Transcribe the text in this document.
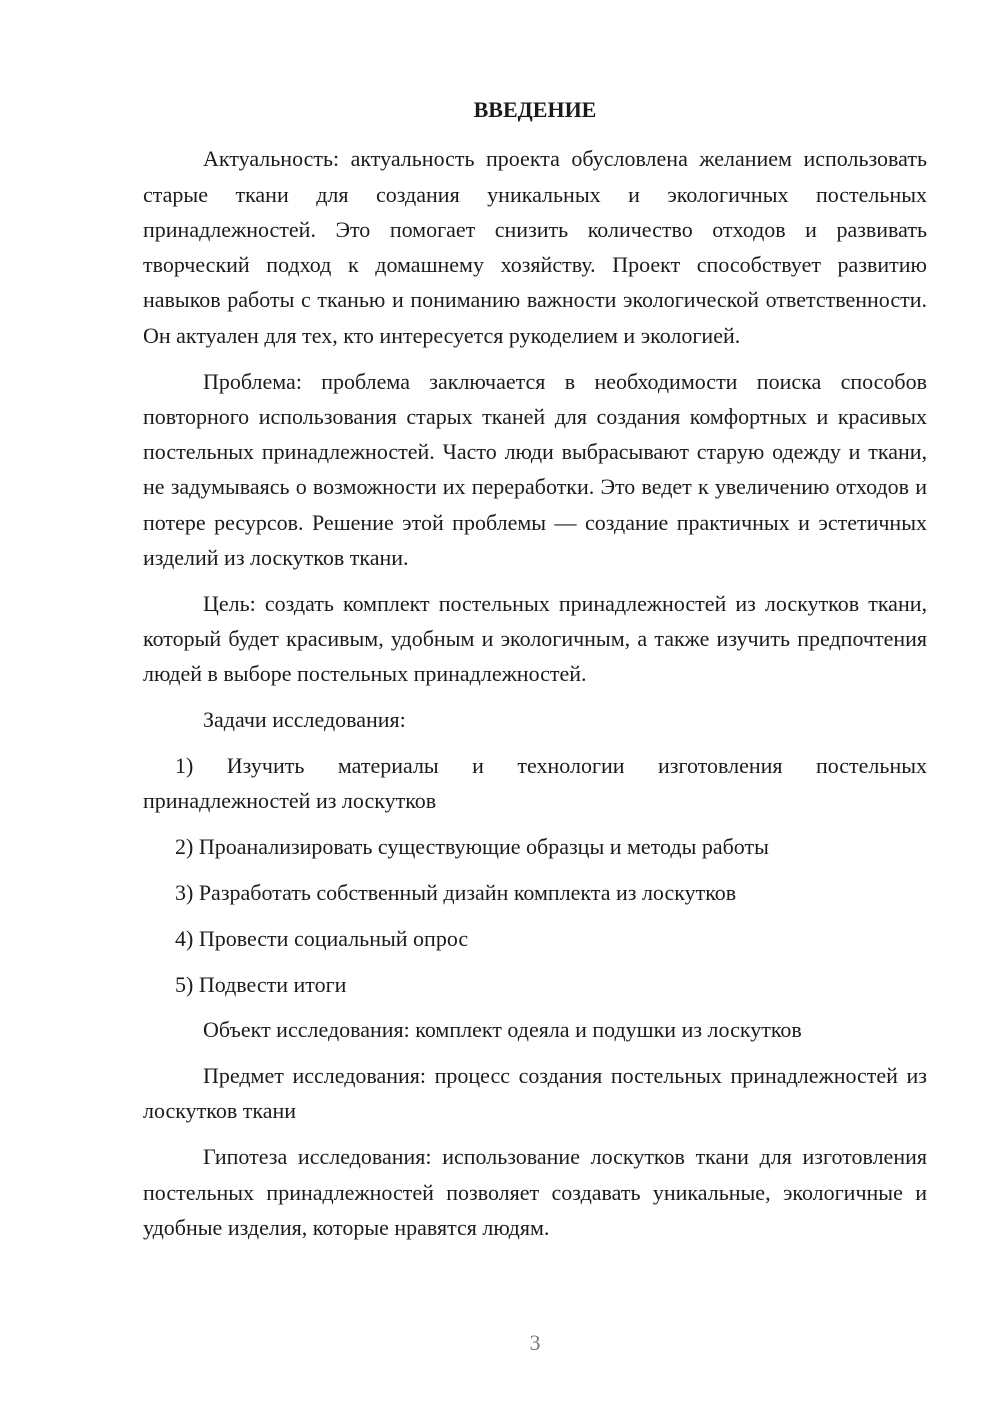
ВВЕДЕНИЕ

Актуальность: актуальность проекта обусловлена желанием использовать старые ткани для создания уникальных и экологичных постельных принадлежностей. Это помогает снизить количество отходов и развивать творческий подход к домашнему хозяйству. Проект способствует развитию навыков работы с тканью и пониманию важности экологической ответственности. Он актуален для тех, кто интересуется рукоделием и экологией.

Проблема: проблема заключается в необходимости поиска способов повторного использования старых тканей для создания комфортных и красивых постельных принадлежностей. Часто люди выбрасывают старую одежду и ткани, не задумываясь о возможности их переработки. Это ведет к увеличению отходов и потере ресурсов. Решение этой проблемы — создание практичных и эстетичных изделий из лоскутков ткани.

Цель: создать комплект постельных принадлежностей из лоскутков ткани, который будет красивым, удобным и экологичным, а также изучить предпочтения людей в выборе постельных принадлежностей.

Задачи исследования:

1) Изучить материалы и технологии изготовления постельных принадлежностей из лоскутков
2) Проанализировать существующие образцы и методы работы
3) Разработать собственный дизайн комплекта из лоскутков
4) Провести социальный опрос
5) Подвести итоги

Объект исследования: комплект одеяла и подушки из лоскутков

Предмет исследования: процесс создания постельных принадлежностей из лоскутков ткани

Гипотеза исследования: использование лоскутков ткани для изготовления постельных принадлежностей позволяет создавать уникальные, экологичные и удобные изделия, которые нравятся людям.

3
